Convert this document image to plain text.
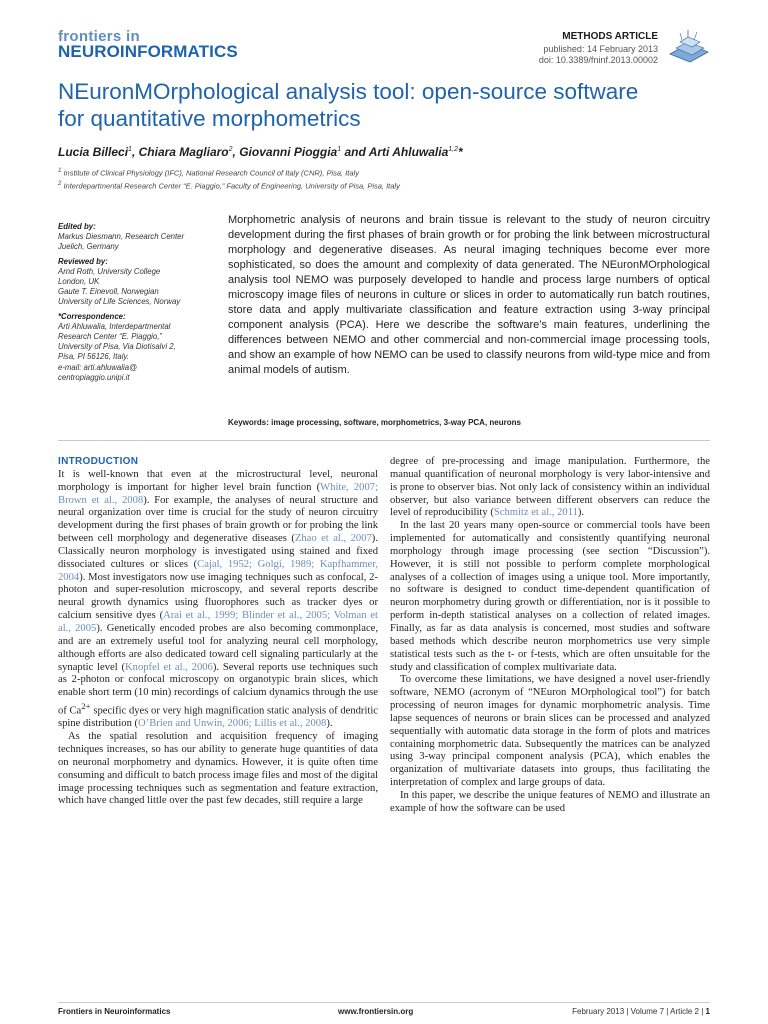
frontiers in
NEUROINFORMATICS
METHODS ARTICLE
published: 14 February 2013
doi: 10.3389/fninf.2013.00002
NEuronMOrphological analysis tool: open-source software
for quantitative morphometrics
Lucia Billeci$^1$, Chiara Magliaro$^2$, Giovanni Pioggia$^1$ and Arti Ahluwalia$^{1,2}$*
$^1$ Institute of Clinical Physiology (IFC), National Research Council of Italy (CNR), Pisa, Italy
$^2$ Interdepartmental Research Center “E. Piaggio,” Faculty of Engineering, University of Pisa, Pisa, Italy
Edited by:
Markus Diesmann, Research Center
Juelich, Germany
Reviewed by:
Arnd Roth, University College
London, UK
Gaute T. Einevoll, Norwegian
University of Life Sciences, Norway
*Correspondence:
Arti Ahluwalia, Interdepartmental
Research Center “E. Piaggio,”
University of Pisa, Via Diotisalvi 2,
Pisa, PI 56126, Italy.
e-mail: arti.ahluwalia@
centropiaggio.unipi.it
Morphometric analysis of neurons and brain tissue is relevant to the study of neuron circuitry development during the first phases of brain growth or for probing the link between microstructural morphology and degenerative diseases. As neural imaging techniques become ever more sophisticated, so does the amount and complexity of data generated. The NEuronMOrphological analysis tool NEMO was purposely developed to handle and process large numbers of optical microscopy image files of neurons in culture or slices in order to automatically run batch routines, store data and apply multivariate classification and feature extraction using 3-way principal component analysis (PCA). Here we describe the software’s main features, underlining the differences between NEMO and other commercial and non-commercial image processing tools, and show an example of how NEMO can be used to classify neurons from wild-type mice and from animal models of autism.
Keywords: image processing, software, morphometrics, 3-way PCA, neurons
INTRODUCTION

It is well-known that even at the microstructural level, neuronal morphology is important for higher level brain function (White, 2007; Brown et al., 2008). For example, the analyses of neural structure and neural organization over time is crucial for the study of neuron circuitry development during the first phases of brain growth or for probing the link between cell morphology and degenerative diseases (Zhao et al., 2007). Classically neuron morphology is investigated using stained and fixed dissociated cultures or slices (Cajal, 1952; Golgi, 1989; Kapfhammer, 2004). Most investigators now use imaging techniques such as confocal, 2-photon and super-resolution microscopy, and several reports describe neural growth dynamics using fluorophores such as tracker dyes or calcium sensitive dyes (Arai et al., 1999; Blinder et al., 2005; Volman et al., 2005). Genetically encoded probes are also becoming commonplace, and are an extremely useful tool for analyzing neural cell morphology, although efforts are also dedicated toward cell signaling particularly at the synaptic level (Knopfel et al., 2006). Several reports use techniques such as 2-photon or confocal microscopy on organotypic brain slices, which enable short term (10 min) recordings of calcium dynamics through the use of $Ca^{2+}$ specific dyes or very high magnification static analysis of dendritic spine distribution (O’Brien and Unwin, 2006; Lillis et al., 2008).

As the spatial resolution and acquisition frequency of imaging techniques increases, so has our ability to generate huge quantities of data on neuronal morphometry and dynamics. However, it is quite often time consuming and difficult to batch process image files and most of the digital image processing techniques such as segmentation and feature extraction, which have changed little over the past few decades, still require a large

degree of pre-processing and image manipulation. Furthermore, the manual quantification of neuronal morphology is very labor-intensive and is prone to observer bias. Not only lack of consistency within an individual observer, but also variance between different observers can reduce the level of reproducibility (Schmitz et al., 2011).

In the last 20 years many open-source or commercial tools have been implemented for automatically and consistently quantifying neuronal morphology through image processing (see section “Discussion”). However, it is still not possible to perform complete morphological analyses of a collection of images using a unique tool. More importantly, no software is designed to conduct time-dependent quantification of neuron morphometry during growth or differentiation, nor is it possible to perform in-depth statistical analyses on a collection of related images. Finally, as far as data analysis is concerned, most studies and software based methods which describe neuron morphometrics use very simple statistical tests such as the t- or f-tests, which are often unsuitable for the study and classification of complex multivariate data.

To overcome these limitations, we have designed a novel user-friendly software, NEMO (acronym of “NEuron MOrphological tool”) for batch processing of neuron images for dynamic morphometric analysis. Time lapse sequences of neurons or brain slices can be processed and analyzed sequentially with automatic data storage in the form of plots and matrices containing morphometric data. Subsequently the matrices can be analyzed using 3-way principal component analysis (PCA), which enables the organization of multivariate datasets into groups, thus facilitating the interpretation of complex and large groups of data.

In this paper, we describe the unique features of NEMO and illustrate an example of how the software can be used

Frontiers in Neuroinformatics	www.frontiersin.org	February 2013 | Volume 7 | Article 2 | 1
